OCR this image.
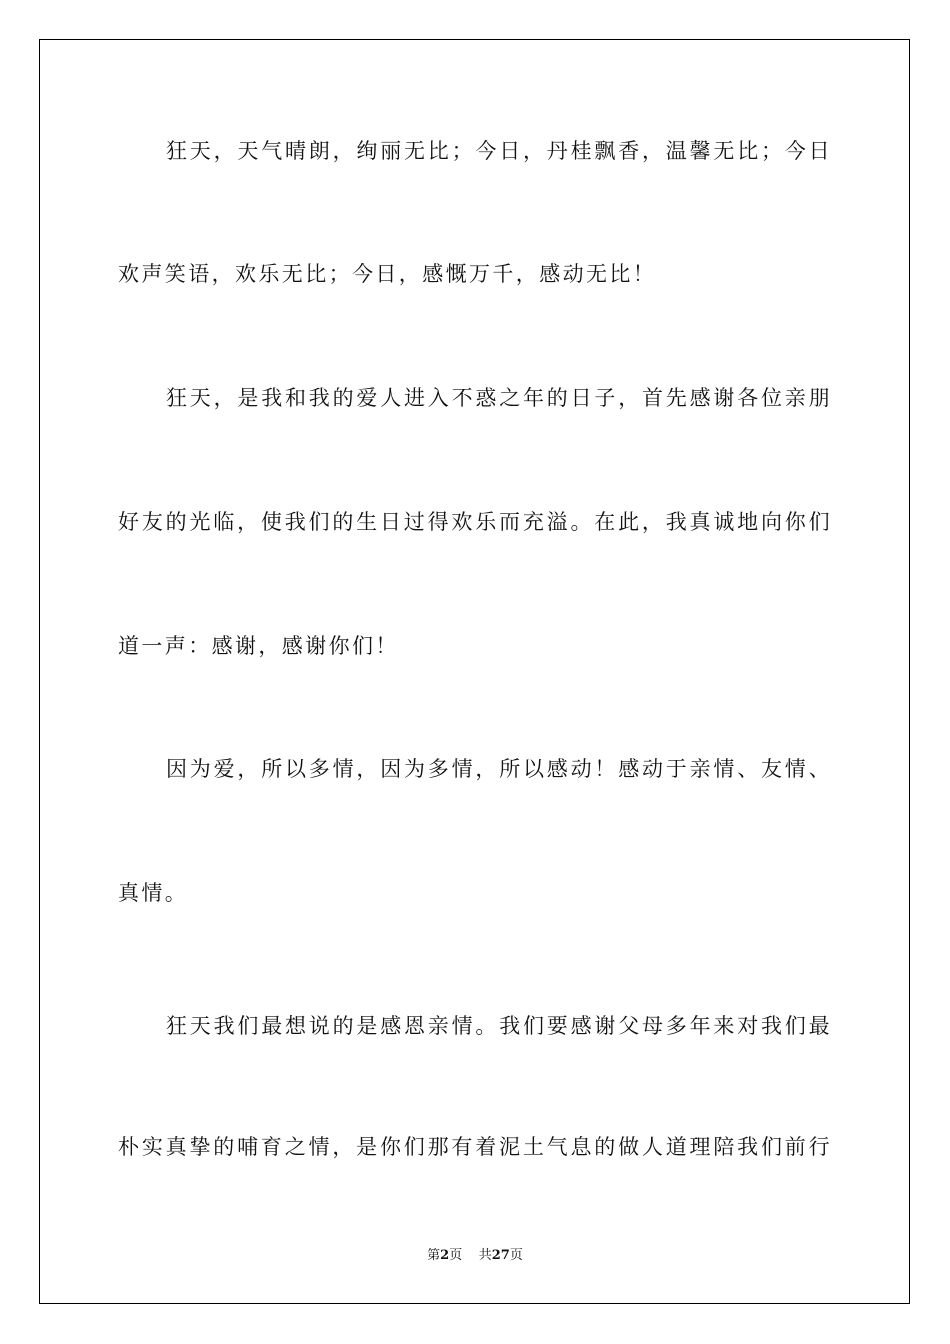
狂天，天气晴朗，绚丽无比；今日，丹桂飘香，温馨无比；今日
欢声笑语，欢乐无比；今日，感慨万千，感动无比！
狂天，是我和我的爱人进入不惑之年的日子，首先感谢各位亲朋
好友的光临，使我们的生日过得欢乐而充溢。在此，我真诚地向你们
道一声：感谢，感谢你们！
因为爱，所以多情，因为多情，所以感动！感动于亲情、友情、
真情。
狂天我们最想说的是感恩亲情。我们要感谢父母多年来对我们最
朴实真挚的哺育之情，是你们那有着泥土气息的做人道理陪我们前行
第2页 共27页
